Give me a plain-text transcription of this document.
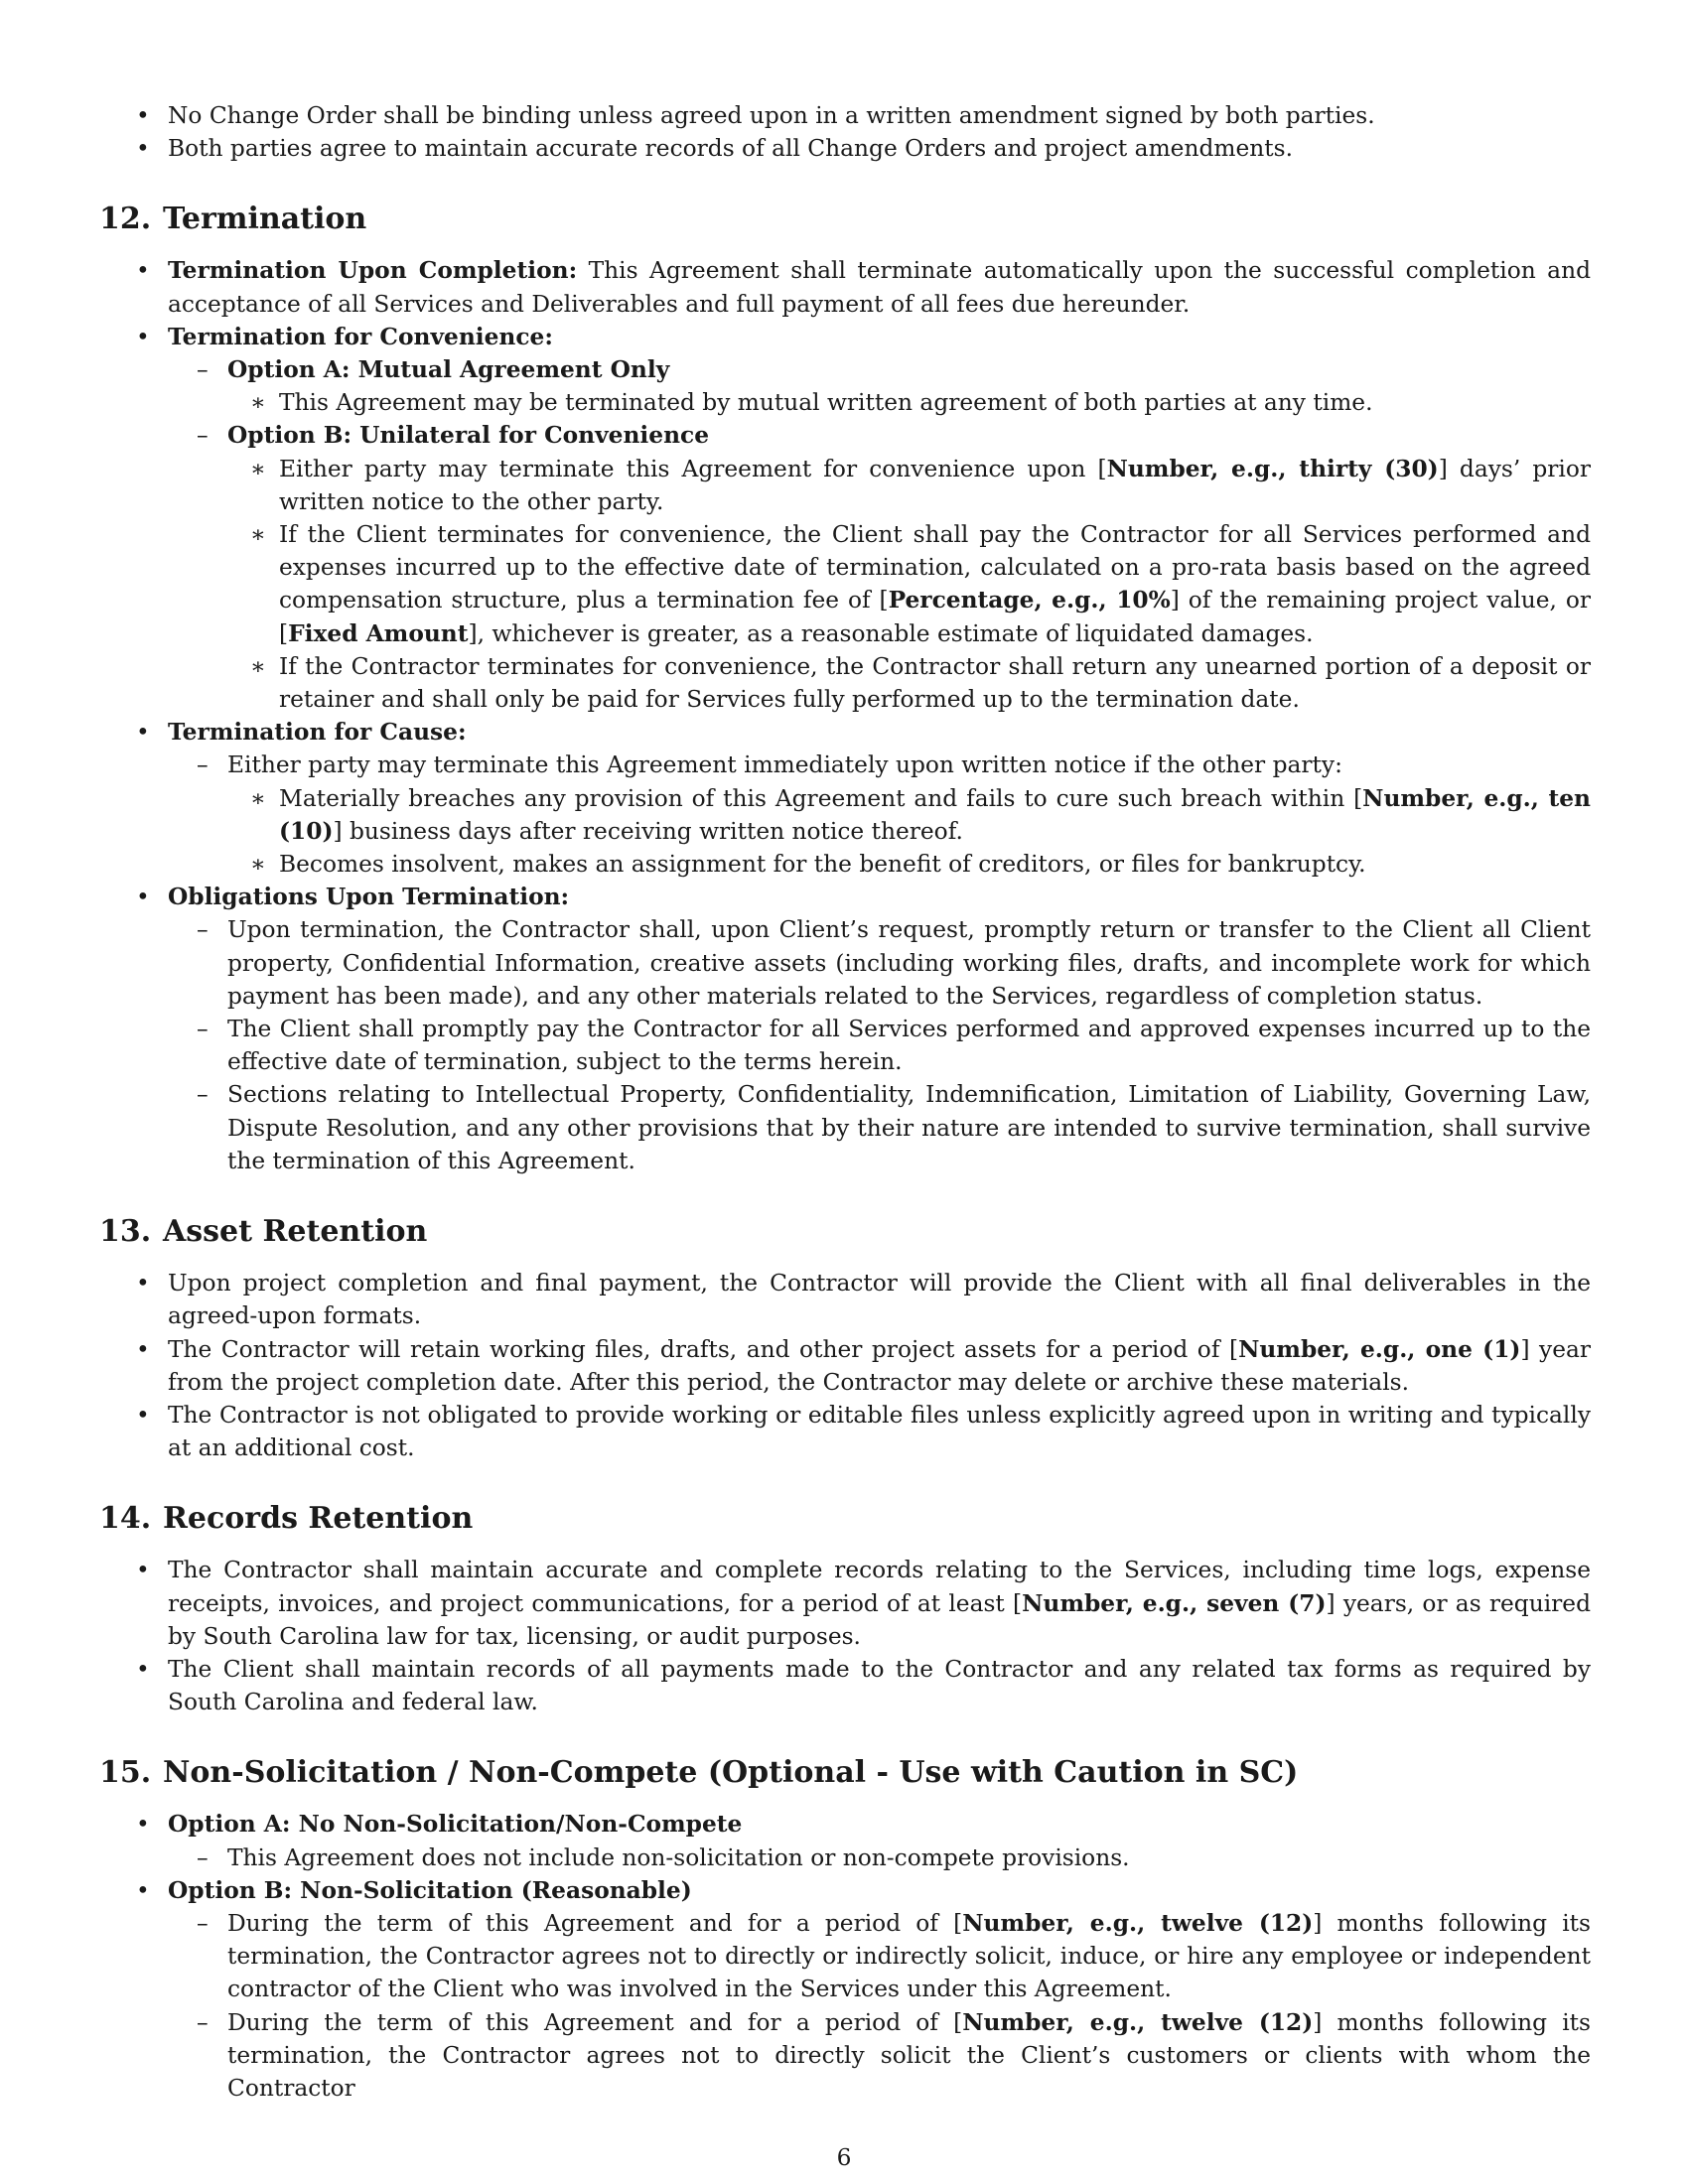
• No Change Order shall be binding unless agreed upon in a written amendment signed by both parties.
• Both parties agree to maintain accurate records of all Change Orders and project amendments.
12. Termination
• Termination Upon Completion: This Agreement shall terminate automatically upon the successful completion and acceptance of all Services and Deliverables and full payment of all fees due hereunder.
• Termination for Convenience:
– Option A: Mutual Agreement Only
∗ This Agreement may be terminated by mutual written agreement of both parties at any time.
– Option B: Unilateral for Convenience
∗ Either party may terminate this Agreement for convenience upon [Number, e.g., thirty (30)] days’ prior written notice to the other party.
∗ If the Client terminates for convenience, the Client shall pay the Contractor for all Services performed and expenses incurred up to the effective date of termination, calculated on a pro-rata basis based on the agreed compensation structure, plus a termination fee of [Percentage, e.g., 10%] of the remaining project value, or [Fixed Amount], whichever is greater, as a reasonable estimate of liquidated damages.
∗ If the Contractor terminates for convenience, the Contractor shall return any unearned portion of a deposit or retainer and shall only be paid for Services fully performed up to the termination date.
• Termination for Cause:
– Either party may terminate this Agreement immediately upon written notice if the other party:
∗ Materially breaches any provision of this Agreement and fails to cure such breach within [Number, e.g., ten (10)] business days after receiving written notice thereof.
∗ Becomes insolvent, makes an assignment for the benefit of creditors, or files for bankruptcy.
• Obligations Upon Termination:
– Upon termination, the Contractor shall, upon Client’s request, promptly return or transfer to the Client all Client property, Confidential Information, creative assets (including working files, drafts, and incomplete work for which payment has been made), and any other materials related to the Services, regardless of completion status.
– The Client shall promptly pay the Contractor for all Services performed and approved expenses incurred up to the effective date of termination, subject to the terms herein.
– Sections relating to Intellectual Property, Confidentiality, Indemnification, Limitation of Liability, Governing Law, Dispute Resolution, and any other provisions that by their nature are intended to survive termination, shall survive the termination of this Agreement.
13. Asset Retention
• Upon project completion and final payment, the Contractor will provide the Client with all final deliverables in the agreed-upon formats.
• The Contractor will retain working files, drafts, and other project assets for a period of [Number, e.g., one (1)] year from the project completion date. After this period, the Contractor may delete or archive these materials.
• The Contractor is not obligated to provide working or editable files unless explicitly agreed upon in writing and typically at an additional cost.
14. Records Retention
• The Contractor shall maintain accurate and complete records relating to the Services, including time logs, expense receipts, invoices, and project communications, for a period of at least [Number, e.g., seven (7)] years, or as required by South Carolina law for tax, licensing, or audit purposes.
• The Client shall maintain records of all payments made to the Contractor and any related tax forms as required by South Carolina and federal law.
15. Non-Solicitation / Non-Compete (Optional - Use with Caution in SC)
• Option A: No Non-Solicitation/Non-Compete
– This Agreement does not include non-solicitation or non-compete provisions.
• Option B: Non-Solicitation (Reasonable)
– During the term of this Agreement and for a period of [Number, e.g., twelve (12)] months following its termination, the Contractor agrees not to directly or indirectly solicit, induce, or hire any employee or independent contractor of the Client who was involved in the Services under this Agreement.
– During the term of this Agreement and for a period of [Number, e.g., twelve (12)] months following its termination, the Contractor agrees not to directly solicit the Client’s customers or clients with whom the Contractor
6
